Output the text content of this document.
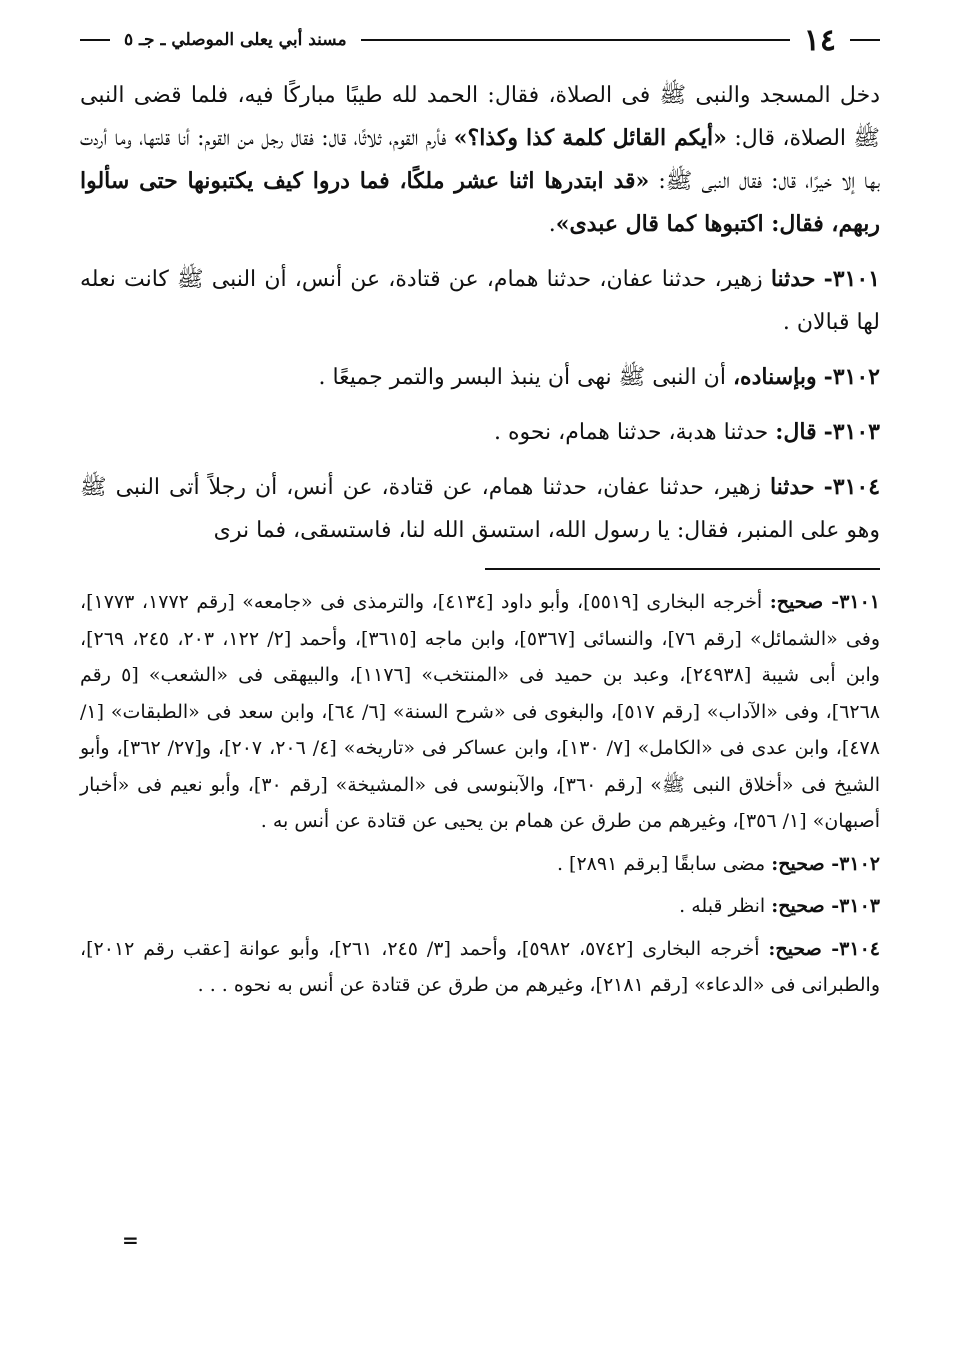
١٤
مسند أبي يعلى الموصلي ـ جـ ٥

دخل المسجد والنبى ﷺ فى الصلاة، فقال: الحمد لله طيبًا مباركًا فيه، فلما قضى النبى ﷺ الصلاة، قال: «أيكم القائل كلمة كذا وكذا؟» فأرم القوم، ثلاثًا، قال: فقال رجل من القوم: أنا قلتها، وما أردت بها إلا خيرًا، قال: فقال النبى ﷺ: «قد ابتدرها اثنا عشر ملكًا، فما دروا كيف يكتبونها حتى سألوا ربهم، فقال: اكتبوها كما قال عبدى».

٣١٠١- حدثنا زهير، حدثنا عفان، حدثنا همام، عن قتادة، عن أنس، أن النبى ﷺ كانت نعله لها قبالان .

٣١٠٢- وبإسناده، أن النبى ﷺ نهى أن ينبذ البسر والتمر جميعًا .

٣١٠٣- قال: حدثنا هدبة، حدثنا همام، نحوه .

٣١٠٤- حدثنا زهير، حدثنا عفان، حدثنا همام، عن قتادة، عن أنس، أن رجلاً أتى النبى ﷺ وهو على المنبر، فقال: يا رسول الله، استسق الله لنا، فاستسقى، فما نرى

٣١٠١- صحيح: أخرجه البخارى [٥٥١٩]، وأبو داود [٤١٣٤]، والترمذى فى «جامعه» [رقم ١٧٧٢، ١٧٧٣]، وفى «الشمائل» [رقم ٧٦]، والنسائى [٥٣٦٧]، وابن ماجه [٣٦١٥]، وأحمد [٢/ ١٢٢، ٢٠٣، ٢٤٥، ٢٦٩]، وابن أبى شيبة [٢٤٩٣٨]، وعبد بن حميد فى «المنتخب» [١١٧٦]، والبيهقى فى «الشعب» [٥ رقم ٦٢٦٨]، وفى «الآداب» [رقم ٥١٧]، والبغوى فى «شرح السنة» [٦/ ٦٤]، وابن سعد فى «الطبقات» [١/ ٤٧٨]، وابن عدى فى «الكامل» [٧/ ١٣٠]، وابن عساكر فى «تاريخه» [٤/ ٢٠٦، ٢٠٧]، و[٢٧/ ٣٦٢]، وأبو الشيخ فى «أخلاق النبى ﷺ» [رقم ٣٦٠]، والآبنوسى فى «المشيخة» [رقم ٣٠]، وأبو نعيم فى «أخبار أصبهان» [١/ ٣٥٦]، وغيرهم من طرق عن همام بن يحيى عن قتادة عن أنس به .

٣١٠٢- صحيح: مضى سابقًا [برقم ٢٨٩١] .

٣١٠٣- صحيح: انظر قبله .

٣١٠٤- صحيح: أخرجه البخارى [٥٧٤٢، ٥٩٨٢]، وأحمد [٣/ ٢٤٥، ٢٦١]، وأبو عوانة [عقب رقم ٢٠١٢]، والطبرانى فى «الدعاء» [رقم ٢١٨١]، وغيرهم من طرق عن قتادة عن أنس به نحوه . . .

=
